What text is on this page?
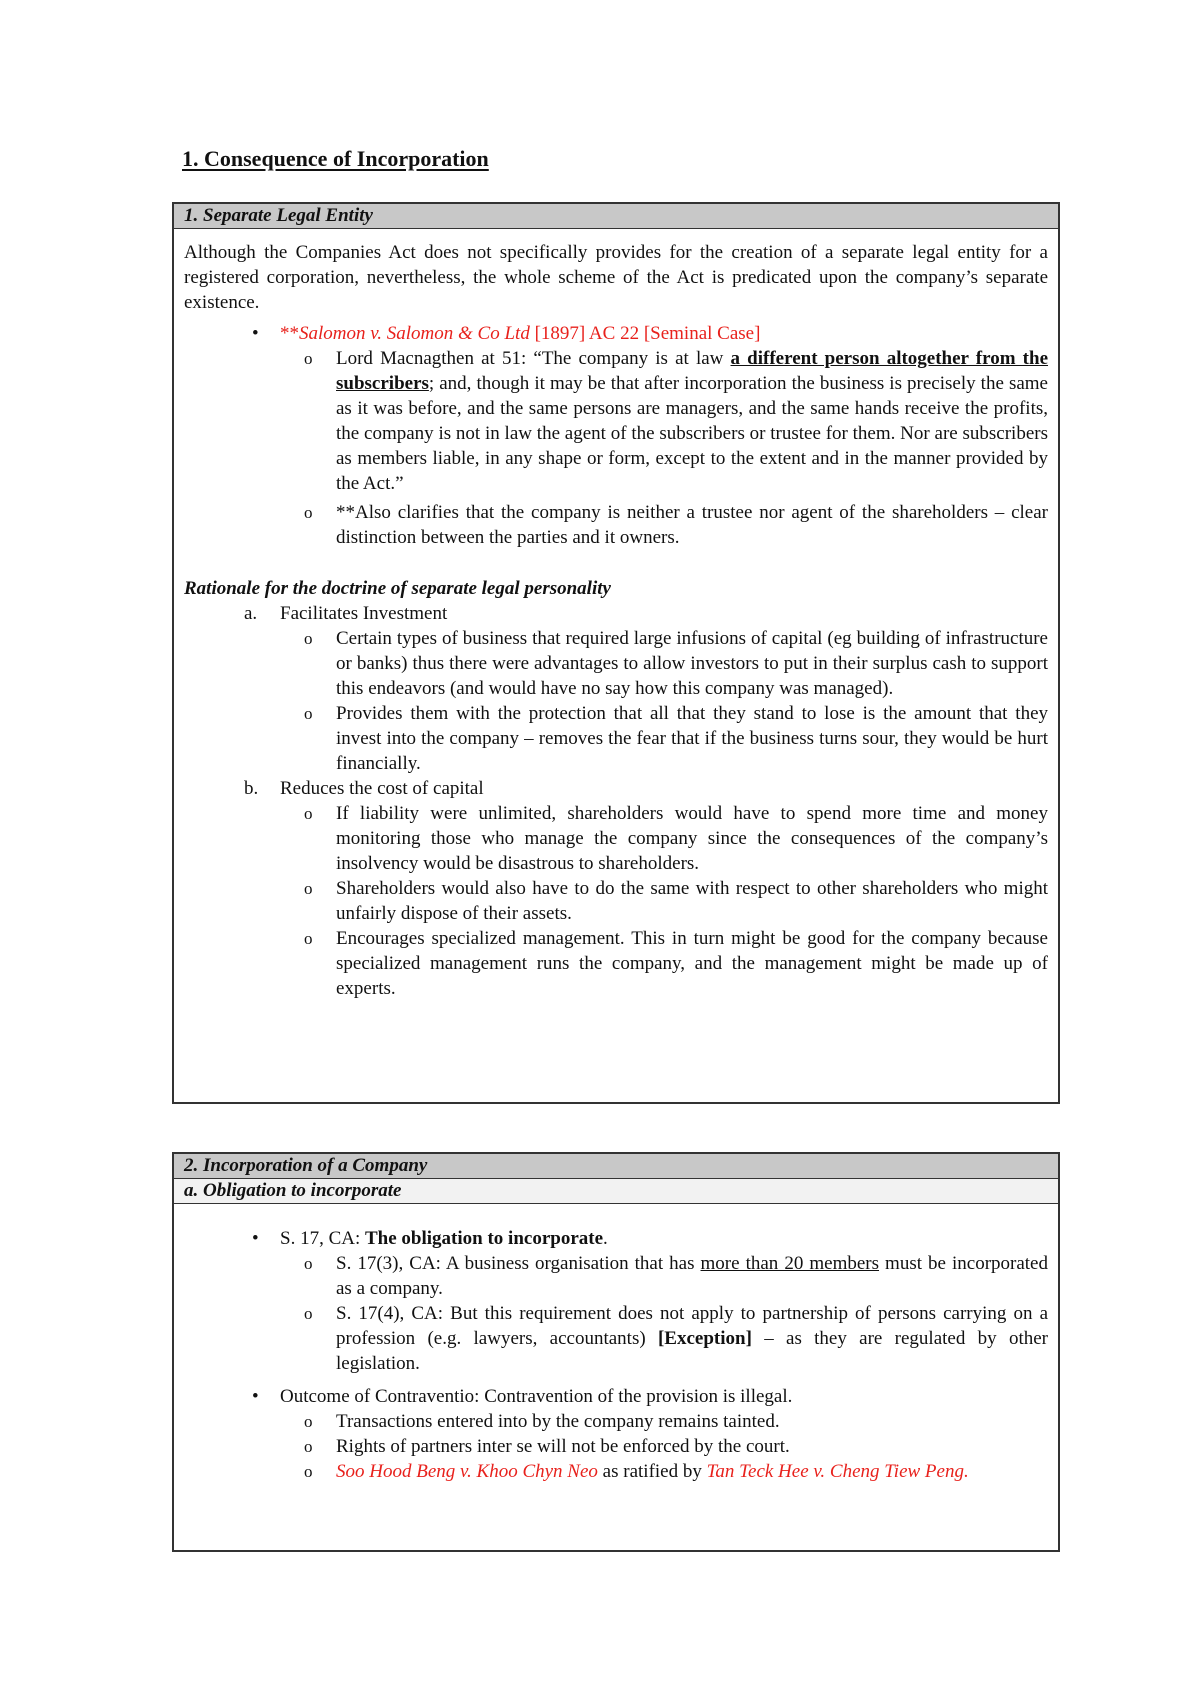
1. Consequence of Incorporation
1. Separate Legal Entity
Although the Companies Act does not specifically provides for the creation of a separate legal entity for a registered corporation, nevertheless, the whole scheme of the Act is predicated upon the company’s separate existence.
• **Salomon v. Salomon & Co Ltd [1897] AC 22 [Seminal Case]
o Lord Macnagthen at 51: “The company is at law a different person altogether from the subscribers; and, though it may be that after incorporation the business is precisely the same as it was before, and the same persons are managers, and the same hands receive the profits, the company is not in law the agent of the subscribers or trustee for them. Nor are subscribers as members liable, in any shape or form, except to the extent and in the manner provided by the Act.”
o **Also clarifies that the company is neither a trustee nor agent of the shareholders – clear distinction between the parties and it owners.
Rationale for the doctrine of separate legal personality
a. Facilitates Investment
o Certain types of business that required large infusions of capital (eg building of infrastructure or banks) thus there were advantages to allow investors to put in their surplus cash to support this endeavors (and would have no say how this company was managed).
o Provides them with the protection that all that they stand to lose is the amount that they invest into the company – removes the fear that if the business turns sour, they would be hurt financially.
b. Reduces the cost of capital
o If liability were unlimited, shareholders would have to spend more time and money monitoring those who manage the company since the consequences of the company’s insolvency would be disastrous to shareholders.
o Shareholders would also have to do the same with respect to other shareholders who might unfairly dispose of their assets.
o Encourages specialized management. This in turn might be good for the company because specialized management runs the company, and the management might be made up of experts.
2. Incorporation of a Company
a. Obligation to incorporate
• S. 17, CA: The obligation to incorporate.
o S. 17(3), CA: A business organisation that has more than 20 members must be incorporated as a company.
o S. 17(4), CA: But this requirement does not apply to partnership of persons carrying on a profession (e.g. lawyers, accountants) [Exception] – as they are regulated by other legislation.
• Outcome of Contraventio: Contravention of the provision is illegal.
o Transactions entered into by the company remains tainted.
o Rights of partners inter se will not be enforced by the court.
o Soo Hood Beng v. Khoo Chyn Neo as ratified by Tan Teck Hee v. Cheng Tiew Peng.
